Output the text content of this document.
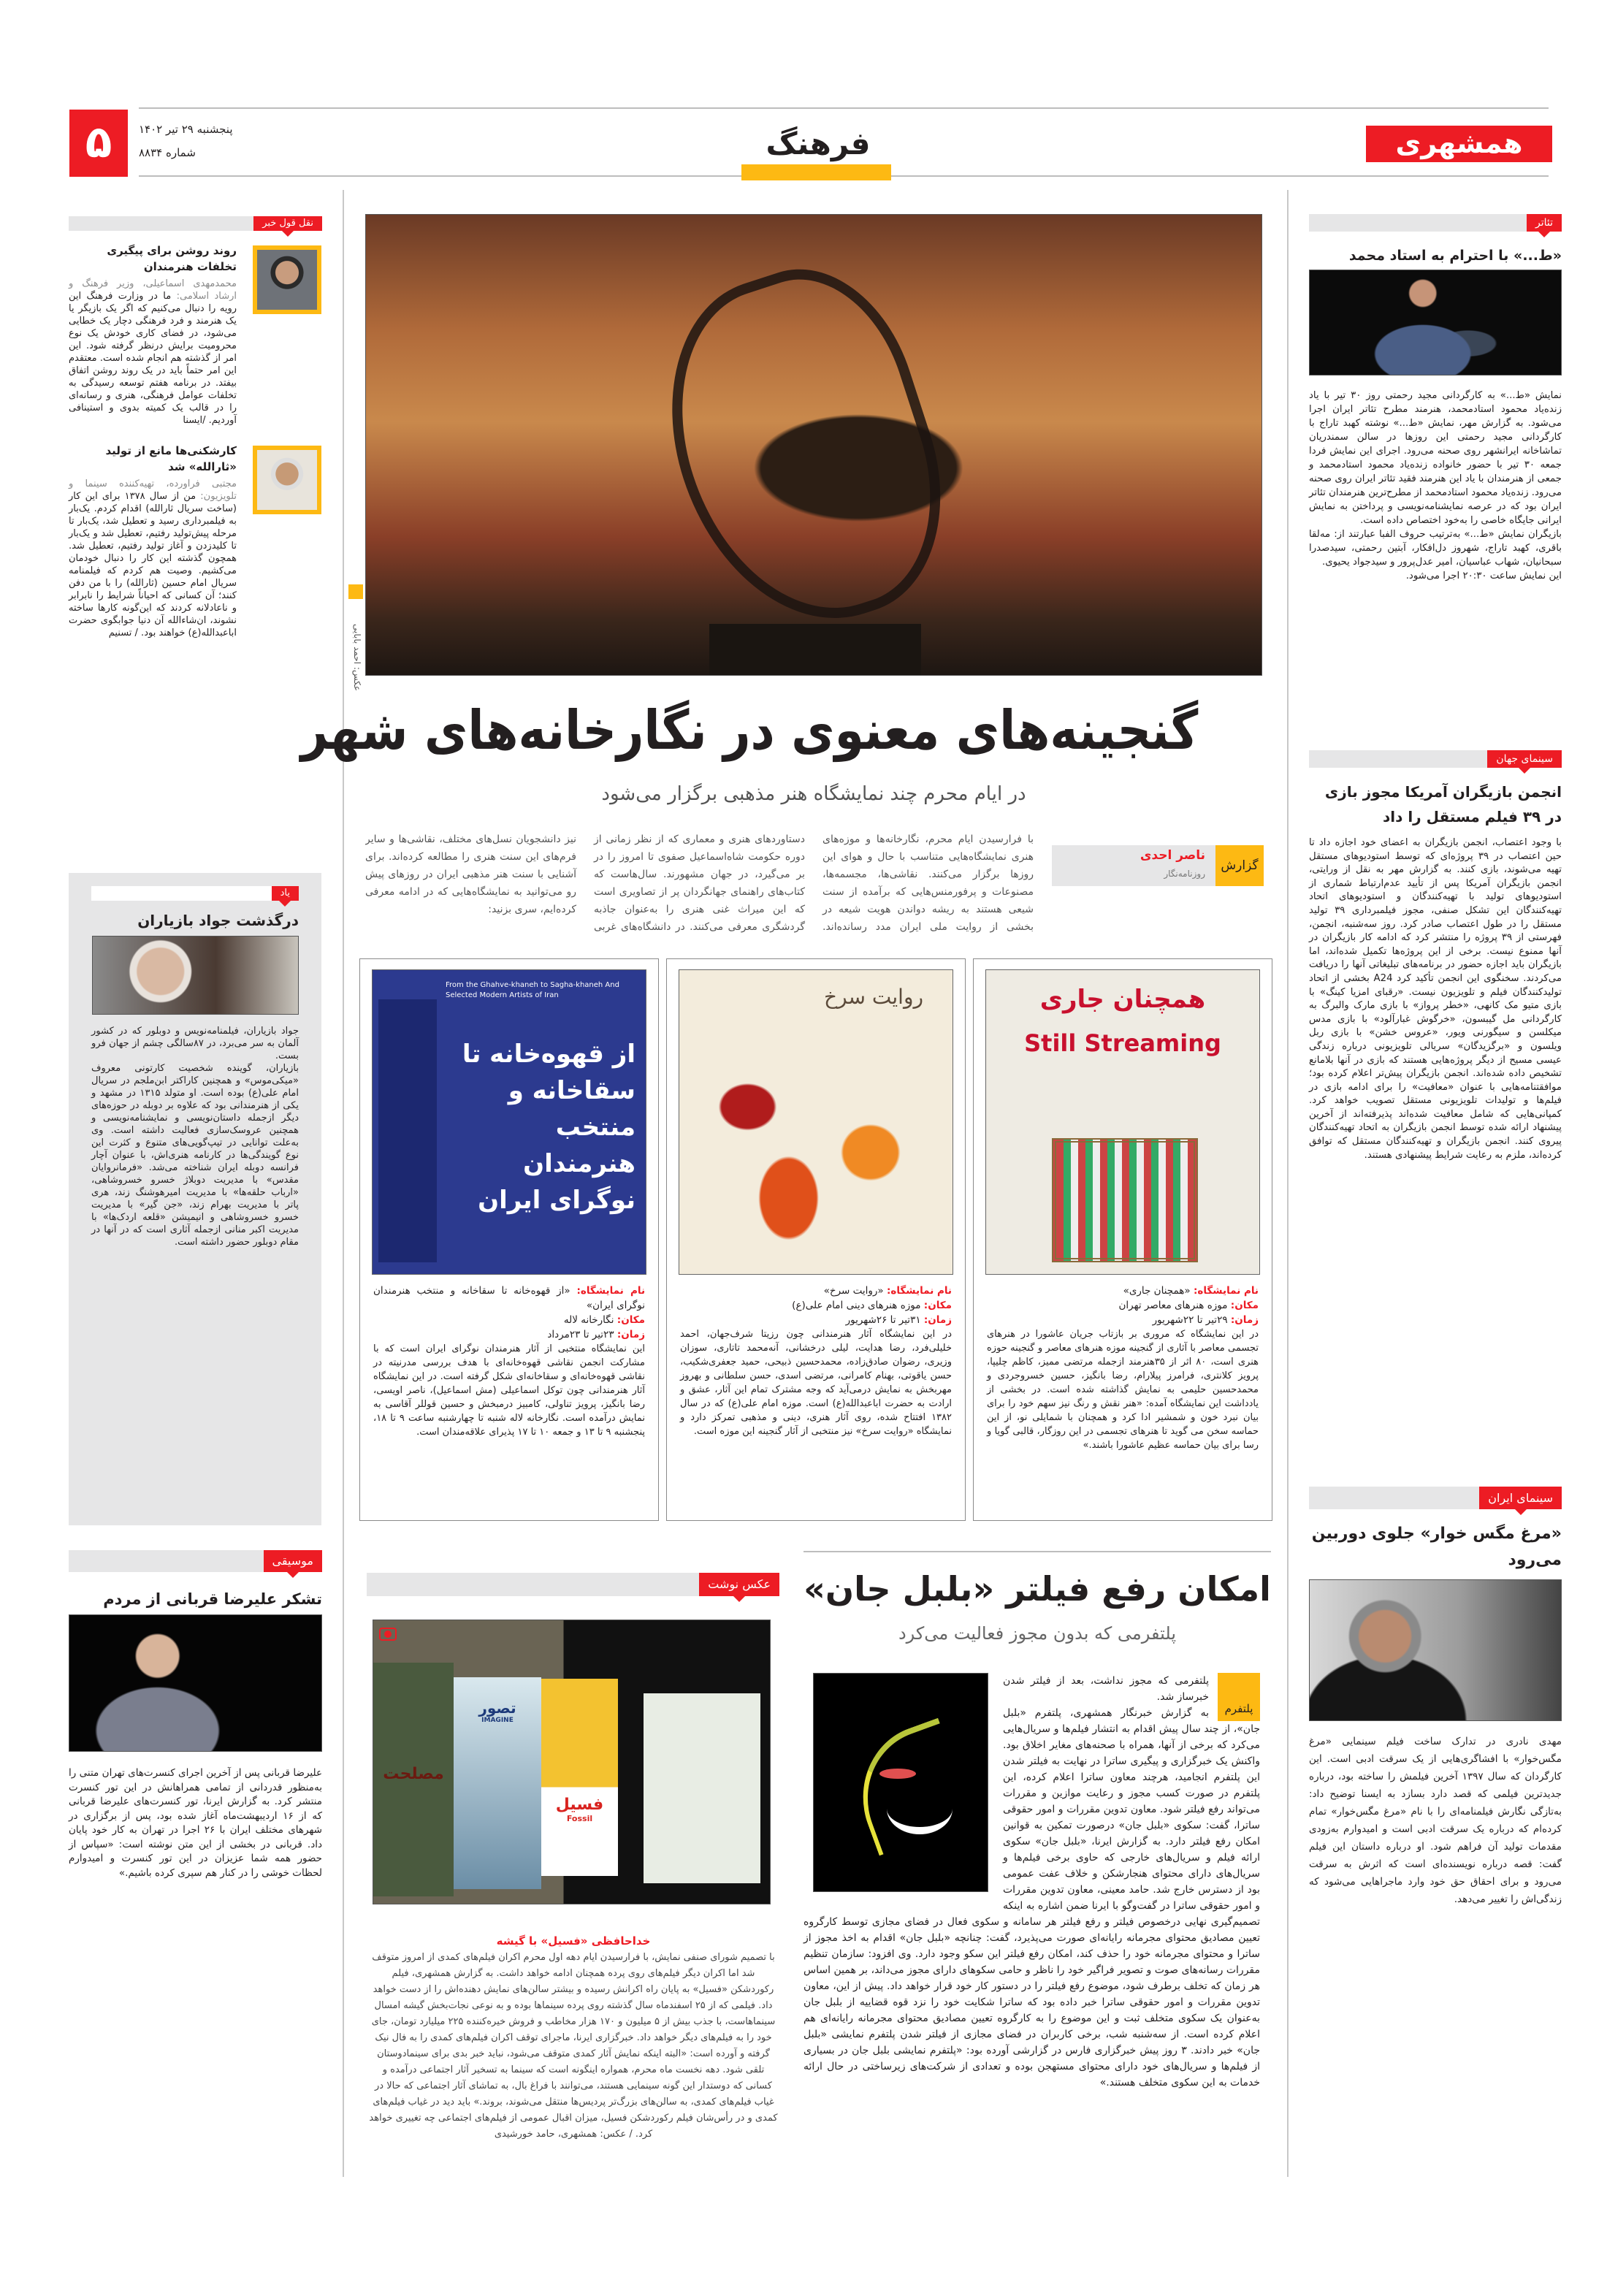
۵	پنجشنبه ۲۹ تیر ۱۴۰۲
شماره ۸۸۳۴	فرهنگ	همشهری
عکس: احمد بابایی
گنجینه‌های معنوی در نگارخانه‌های شهر
در ایام محرم چند نمایشگاه هنر مذهبی برگزار می‌شود
گزارش
ناصر احدی
روزنامه‌نگار
با فرارسیدن ایام محرم، نگارخانه‌ها و موزه‌های هنری نمایشگاه‌هایی متناسب با حال و هوای این روزها برگزار می‌کنند. نقاشی‌ها، مجسمه‌ها، مصنوعات و پرفورمنس‌هایی که برآمده از سنت شیعی هستند به ریشه دواندن هویت شیعه در بخشی از روایت ملی ایران مدد رسانده‌اند. دستاوردهای هنری و معماری که از نظر زمانی از دوره حکومت شاه‌اسماعیل صفوی تا امروز را در بر می‌گیرد، در جهان مشهورند. سال‌هاست که کتاب‌های راهنمای جهانگردان پر از تصاویری است که این میراث غنی هنری را به‌عنوان جاذبه گردشگری معرفی می‌کنند. در دانشگاه‌های غربی نیز دانشجویان نسل‌های مختلف، نقاشی‌ها و سایر فرم‌های این سنت هنری را مطالعه کرده‌اند. برای آشنایی با سنت هنر مذهبی ایران در روزهای پیش رو می‌توانید به نمایشگاه‌هایی که در ادامه معرفی کرده‌ایم، سری بزنید:
همچنان جاری
Still Streaming
نام نمایشگاه: «همچنان جاری»
مکان: موزه هنرهای معاصر تهران
زمان: ۲۹تیر تا ۲۲شهریور
در این نمایشگاه که مروری بر بازتاب جریان عاشورا در هنرهای تجسمی معاصر با آثاری از گنجینه موزه هنرهای معاصر و گنجینه حوزه هنری است، ۸۰ اثر از ۳۵هنرمند ازجمله مرتضی ممیز، کاظم چلیپا، پرویز کلانتری، فرامرز پیلارام، رضا بانگیز، حسین خسروجردی و محمدحسین حلیمی به نمایش گذاشته شده است. در بخشی از یادداشت این نمایشگاه آمده: «هنر نقش و رنگ نیز سهم خود را برای بیان نبرد خون و شمشیر ادا کرد و همچنان با شمایلی نو، از این حماسه سخن می گوید تا هنرهای تجسمی در این روزگار، قالبی گویا و رسا برای بیان حماسه عظیم عاشورا باشند.»
روایت سرخ
نام نمایشگاه: «روایت سرخ»
مکان: موزه هنرهای دینی امام علی(ع)
زمان: ۳۱تیر تا ۲۶شهریور
در این نمایشگاه آثار هنرمندانی چون رزیتا شرف‌جهان، احمد خلیلی‌فرد، رضا هدایت، لیلی درخشانی، آنه‌محمد تاتاری، سوزان وزیری، رضوان صادق‌زاده، محمدحسین ذبیحی، حمید جعفری‌شکیب، حسن یاقوتی، بهنام کامرانی، مرتضی اسدی، حسن سلطانی و بهروز مهربخش به نمایش درمی‌آید که وجه مشترک تمام این آثار، عشق و ارادت به حضرت اباعبدالله(ع) است. موزه امام علی(ع) که در سال ۱۳۸۲ افتتاح شده، روی آثار هنری، دینی و مذهبی تمرکز دارد و نمایشگاه «روایت سرخ» نیز منتخبی از آثار گنجینه این موزه است.
From the Ghahve-khaneh to Sagha-khaneh And Selected Modern Artists of Iran
از قهوه‌خانه تا سقاخانه و منتخب هنرمندان نوگرای ایران
نام نمایشگاه: «از قهوه‌خانه تا سقاخانه و منتخب هنرمندان نوگرای ایران»
مکان: نگارخانه لاله
زمان: ۲۳تیر تا ۲۳مرداد
این نمایشگاه منتخبی از آثار هنرمندان نوگرای ایران است که با مشارکت انجمن نقاشی قهوه‌خانه‌ای با هدف بررسی مدرنیته در نقاشی قهوه‌خانه‌ای و سقاخانه‌ای شکل گرفته است. در این نمایشگاه آثار هنرمندانی چون توکل اسماعیلی (مش اسماعیل)، ناصر اویسی، رضا بانگیز، پرویز تناولی، کامبیز درمبخش و حسین قوللر آقاسی به نمایش درآمده است. نگارخانه لاله شنبه تا چهارشنبه ساعت ۹ تا ۱۸، پنجشنبه ۹ تا ۱۳ و جمعه ۱۰ تا ۱۷ پذیرای علاقه‌مندان است.
امکان رفع فیلتر «بلبل جان»
پلتفرمی که بدون مجوز فعالیت می‌کرد
پلتفرم
پلتفرمی که مجوز نداشت، بعد از فیلتر شدن خبرساز شد.
به گزارش خبرنگار همشهری، پلتفرم «بلبل جان»، از چند سال پیش اقدام به انتشار فیلم‌ها و سریال‌هایی می‌کرد که برخی از آنها، همراه با صحنه‌های مغایر اخلاق بود. واکنش یک خبرگزاری و پیگیری ساترا در نهایت به فیلتر شدن این پلتفرم انجامید، هرچند معاون ساترا اعلام کرده، این پلتفرم در صورت کسب مجوز و رعایت موازین و مقررات می‌تواند رفع فیلتر شود. معاون تدوین مقررات و امور حقوقی ساترا، گفت: سکوی «بلبل جان» درصورت تمکین به قوانین امکان رفع فیلتر دارد. به گزارش ایرنا، «بلبل جان» سکوی ارائه فیلم و سریال‌های خارجی که حاوی برخی فیلم‌ها و سریال‌های دارای محتوای هنجارشکن و خلاف عفت عمومی بود از دسترس خارج شد. حامد معینی، معاون تدوین مقررات و امور حقوقی ساترا در گفت‌وگو با ایرنا ضمن اشاره به اینکه تصمیم‌گیری نهایی درخصوص فیلتر و رفع فیلتر هر سامانه و سکوی فعال در فضای مجازی توسط کارگروه تعیین مصادیق محتوای مجرمانه رایانه‌ای صورت می‌پذیرد، گفت: چنانچه «بلبل جان» اقدام به اخذ مجوز از ساترا و محتوای مجرمانه خود را حذف کند، امکان رفع فیلتر این سکو وجود دارد. وی افزود: سازمان تنظیم مقررات رسانه‌های صوت و تصویر فراگیر خود را ناظر و حامی سکوهای دارای مجوز می‌داند، بر همین اساس هر زمان که تخلف برطرف شود، موضوع رفع فیلتر را در دستور کار خود قرار خواهد داد. پیش از این، معاون تدوین مقررات و امور حقوقی ساترا خبر داده بود که ساترا شکایت خود را نزد قوه قضاییه از بلبل جان به‌عنوان یک سکوی متخلف ثبت و این موضوع را به کارگروه تعیین مصادیق محتوای مجرمانه رایانه‌ای هم اعلام کرده است. از سه‌شنبه شب، برخی کاربران در فضای مجازی از فیلتر شدن پلتفرم نمایشی «بلبل جان» خبر دادند. ۳ روز پیش خبرگزاری فارس در گزارشی آورده بود: «پلتفرم نمایشی بلبل جان در بسیاری از فیلم‌ها و سریال‌های خود دارای محتوای مستهجن بوده و تعدادی از شرکت‌های زیرساختی در حال ارائه خدمات به این سکوی متخلف هستند.»
عکس نوشت
مصلحت
تصور
IMAGINE
فسیل
Fossil
خداحافظی «فسیل» با گیشه
با تصمیم شورای صنفی نمایش، با فرارسیدن ایام دهه اول محرم اکران فیلم‌های کمدی از امروز متوقف شد اما اکران دیگر فیلم‌های روی پرده همچنان ادامه خواهد داشت. به گزارش همشهری، فیلم رکوردشکن «فسیل» به پایان راه اکرانش رسیده و بیشتر سالن‌های نمایش دهنده‌اش را از دست خواهد داد. فیلمی که از ۲۵ اسفندماه سال گذشته روی پرده سینماها بوده و به نوعی نجات‌بخش گیشه امسال سینماهاست، با جذب بیش از ۵ میلیون و ۱۷۰ هزار مخاطب و فروش خیره‌کننده ۲۲۵ میلیارد تومان، جای خود را به فیلم‌های دیگر خواهد داد. خبرگزاری ایرنا، ماجرای توقف اکران فیلم‌های کمدی را به فال نیک گرفته و آورده است: «البته اینکه نمایش آثار کمدی متوقف می‌شود، نباید خبر بدی برای سینمادوستان تلقی شود. دهه نخست ماه محرم، همواره اینگونه است که سینما به تسخیر آثار اجتماعی درآمده و کسانی که دوستدار این گونه سینمایی هستند، می‌توانند با فراغ بال، به تماشای آثار اجتماعی که حالا در غیاب فیلم‌های کمدی، به سالن‌های بزرگ‌تر پردیس‌ها منتقل می‌شوند، بروند.» باید دید در غیاب فیلم‌های کمدی و در رأس‌شان فیلم رکوردشکن فسیل، میزان اقبال عمومی از فیلم‌های اجتماعی چه تغییری خواهد کرد. / عکس: همشهری، حامد خورشیدی
نقل قول خبر
روند روشن برای پیگیری تخلفات هنرمندان
محمدمهدی اسماعیلی، وزیر فرهنگ و ارشاد اسلامی: ما در وزارت فرهنگ این رویه را دنبال می‌کنیم که اگر یک بازیگر یا یک هنرمند و فرد فرهنگی دچار یک خطایی می‌شود، در فضای کاری خودش یک نوع محرومیت برایش درنظر گرفته شود. این امر از گذشته هم انجام شده است. معتقدم این امر حتماً باید در یک روند روشن اتفاق بیفتد. در برنامه هفتم توسعه رسیدگی به تخلفات عوامل فرهنگی، هنری و رسانه‌ای را در قالب یک کمیته بدوی و استینافی آوردیم. /ایسنا
کارشکنی‌ها مانع از تولید «ثارالله» شد
مجتبی فراورده، تهیه‌کننده سینما و تلویزیون: من از سال ۱۳۷۸ برای این کار (ساخت سریال ثارالله) اقدام کردم. یک‌بار به فیلمبرداری رسید و تعطیل شد، یک‌بار تا مرحله پیش‌تولید رفتیم، تعطیل شد و یک‌بار تا کلیدزدن و آغاز تولید رفتیم، تعطیل شد. همچون گذشته این کار را دنبال خودمان می‌کشیم. وصیت هم کردم که فیلمنامه سریال امام حسین (ثارالله) را با من دفن کنند؛ آن کسانی که احیاناً شرایط را نابرابر و ناعادلانه کردند که این‌گونه کارها ساخته نشوند، ان‌شاءالله آن دنیا جوابگوی حضرت اباعبدالله(ع) خواهند بود. / تسنیم
یاد
درگذشت جواد بازیاران

جواد بازیاران، فیلمنامه‌نویس و دوبلور که در کشور آلمان به سر می‌برد، در ۸۷سالگی چشم از جهان فرو بست.

بازیاران، گوینده شخصیت کارتونی معروف «میکی‌موس» و همچنین کاراکتر ابن‌ملجم در سریال امام علی(ع) بوده است. او متولد ۱۳۱۵ در مشهد و یکی از هنرمندانی بود که علاوه بر دوبله در حوزه‌های دیگر ازجمله داستان‌نویسی و نمایشنامه‌نویسی و همچنین عروسک‌سازی فعالیت داشته است. وی به‌علت توانایی در تیپ‌گویی‌های متنوع و کثرت این نوع گویندگی‌ها در کارنامه هنری‌اش، با عنوان آچار فرانسه دوبله ایران شناخته می‌شد. «فرمانروایان مقدس» با مدیریت دوبلاژ خسرو خسروشاهی، «ارباب حلقه‌ها» با مدیریت امیرهوشنگ زند، هری پاتر با مدیریت بهرام زند، «جن گیر» با مدیریت خسرو خسروشاهی و انیمیشن «قلعه اردک‌ها» با مدیریت اکبر منانی ازجمله آثاری است که در آنها در مقام دوبلور حضور داشته است.

موسیقی
تشکر علیرضا قربانی از مردم
علیرضا قربانی پس از آخرین اجرای کنسرت‌های تهران متنی را به‌منظور قدردانی از تمامی همراهانش در این تور کنسرت منتشر کرد. به گزارش ایرنا، تور کنسرت‌های علیرضا قربانی که از ۱۶ اردیبهشت‌ماه آغاز شده بود، پس از برگزاری در شهرهای مختلف ایران با ۲۶ اجرا در تهران به کار خود پایان داد. قربانی در بخشی از این متن نوشته است: «سپاس از حضور همه شما عزیزان در این تور کنسرت و امیدوارم لحظات خوشی را در کنار هم سپری کرده باشیم.»
تئاتر
«ط...» با احترام به استاد محمد

نمایش «ط...» به کارگردانی مجید رحمتی روز ۳۰ تیر با یاد زنده‌یاد محمود استادمحمد، هنرمند مطرح تئاتر ایران اجرا می‌شود. به گزارش مهر، نمایش «ط...» نوشته کهبد تاراج با کارگردانی مجید رحمتی این روزها در سالن سمندریان تماشاخانه ایرانشهر روی صحنه می‌رود. اجرای این نمایش فردا جمعه ۳۰ تیر با حضور خانواده زنده‌یاد محمود استادمحمد و جمعی از هنرمندان با یاد این هنرمند فقید تئاتر ایران روی صحنه می‌رود. زنده‌یاد محمود استادمحمد از مطرح‌ترین هنرمندان تئاتر ایران بود که در عرصه نمایشنامه‌نویسی و پرداختن به نمایش ایرانی جایگاه خاصی را به‌خود اختصاص داده است.

بازیگران نمایش «ط...» به‌ترتیب حروف الفبا عبارتند از: مه‌لقا باقری، کهبد تاراج، شهروز دل‌افکار، آبتین رحمتی، سیدصدرا سبحانیان، شهاب عباسیان، امیر عدل‌پرور و سیدجواد یحیوی.

این نمایش ساعت ۲۰:۳۰ اجرا می‌شود.

سینمای جهان
انجمن بازیگران آمریکا مجوز بازی در ۳۹ فیلم مستقل را داد
با وجود اعتصاب، انجمن بازیگران به اعضای خود اجازه داد تا حین اعتصاب در ۳۹ پروژه‌ای که توسط استودیوهای مستقل تهیه می‌شوند، بازی کنند. به گزارش مهر به نقل از ورایتی، انجمن بازیگران آمریکا پس از تأیید عدم‌ارتباط شماری از استودیوهای تولید با تهیه‌کنندگان و استودیوهای اتحاد تهیه‌کنندگان این تشکل صنفی، مجوز فیلمبرداری ۳۹ تولید مستقل را در طول اعتصاب صادر کرد. روز سه‌شنبه، انجمن، فهرستی از ۳۹ پروژه را منتشر کرد که ادامه کار بازیگران در آنها ممنوع نیست. برخی از این پروژه‌ها تکمیل شده‌اند، اما بازیگران باید اجازه حضور در برنامه‌های تبلیغاتی آنها را دریافت می‌کردند. سخنگوی این انجمن تأکید کرد A24 بخشی از اتحاد تولیدکنندگان فیلم و تلویزیون نیست. «رقبای امزیا کینگ» با بازی متیو مک کانهی، «خطر پرواز» با بازی مارک والبرگ به کارگردانی مل گیبسون، «خرگوش غبارآلود» با بازی مدس میکلسن و سیگورنی ویور، «عروس خشن» با بازی ربل ویلسون و «برگزیدگان» سریالی تلویزیونی درباره زندگی عیسی مسیح از دیگر پروژه‌هایی هستند که بازی در آنها بلامانع تشخیص داده شده‌اند. انجمن بازیگران پیش‌تر اعلام کرده بود؛ موافقتنامه‌هایی با عنوان «معافیت» را برای ادامه بازی در فیلم‌ها و تولیدات تلویزیونی مستقل تصویب خواهد کرد. کمپانی‌هایی که شامل معافیت شده‌اند پذیرفته‌اند از آخرین پیشنهاد ارائه شده توسط انجمن بازیگران به اتحاد تهیه‌کنندگان پیروی کنند. انجمن بازیگران و تهیه‌کنندگان مستقل که توافق کرده‌اند، ملزم به رعایت شرایط پیشنهادی هستند.
سینمای ایران
«مرغ مگس خوار» جلوی دوربین می‌رود
مهدی نادری در تدارک ساخت فیلم سینمایی «مرغ مگس‌خوار» با افشاگری‌هایی از یک سرقت ادبی است. این کارگردان که سال ۱۳۹۷ آخرین فیلمش را ساخته بود، درباره جدیدترین فیلمی که قصد دارد بسازد به ایسنا توضیح داد: به‌تازگی نگارش فیلمنامه‌ای را با نام «مرغ مگس‌خوار» تمام کرده‌ام که درباره یک سرقت ادبی است و امیدوارم به‌زودی مقدمات تولید آن فراهم شود. او درباره داستان این فیلم گفت: قصه درباره نویسنده‌ای است که اثرش به سرقت می‌رود و برای احقاق حق خود وارد ماجراهایی می‌شود که زندگی‌اش را تغییر می‌دهد.
